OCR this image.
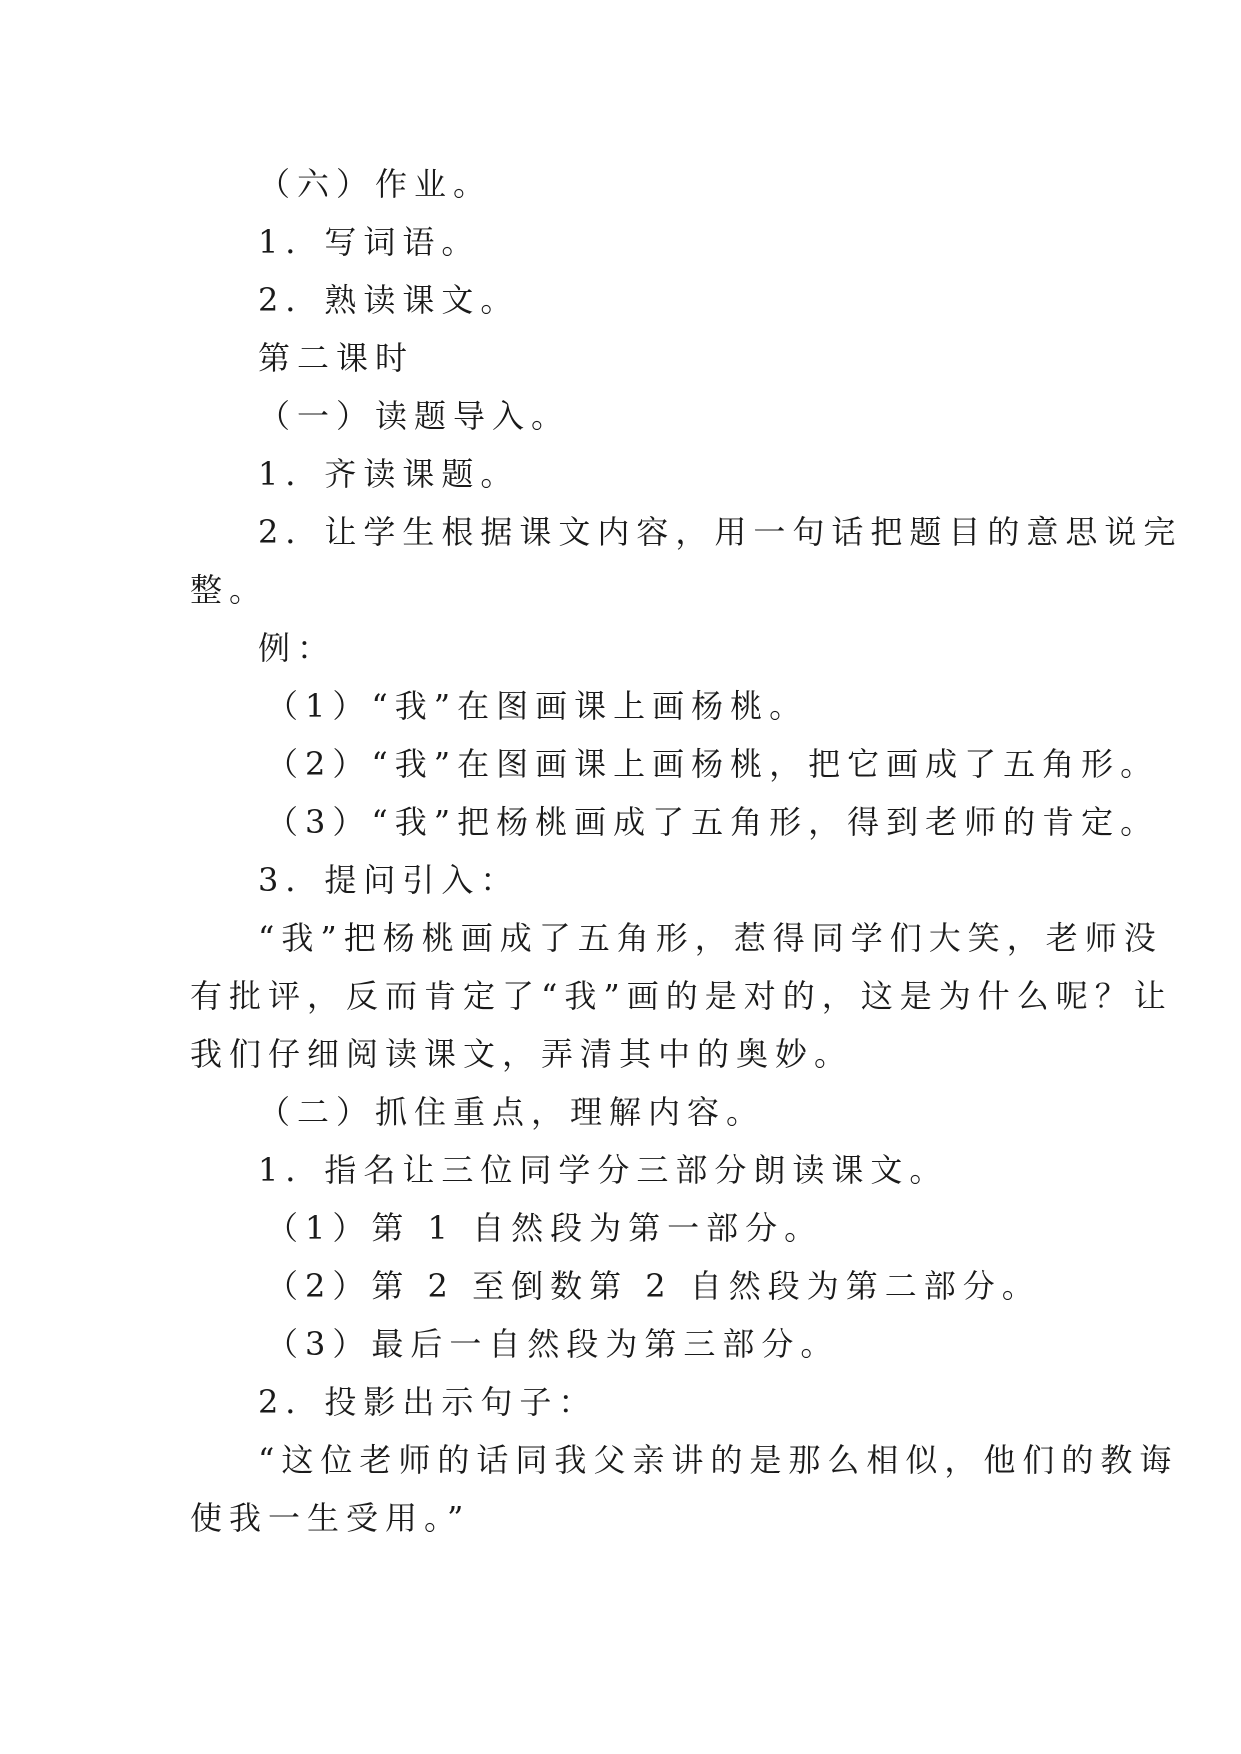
（六）作业。
1．写词语。
2．熟读课文。
第二课时
（一）读题导入。
1．齐读课题。
2．让学生根据课文内容，用一句话把题目的意思说完
整。
例：
（1）“我”在图画课上画杨桃。
（2）“我”在图画课上画杨桃，把它画成了五角形。
（3）“我”把杨桃画成了五角形，得到老师的肯定。
3．提问引入：
“我”把杨桃画成了五角形，惹得同学们大笑，老师没
有批评，反而肯定了“我”画的是对的，这是为什么呢？让
我们仔细阅读课文，弄清其中的奥妙。
（二）抓住重点，理解内容。
1．指名让三位同学分三部分朗读课文。
（1）第 1 自然段为第一部分。
（2）第 2 至倒数第 2 自然段为第二部分。
（3）最后一自然段为第三部分。
2．投影出示句子：
“这位老师的话同我父亲讲的是那么相似，他们的教诲
使我一生受用。”
